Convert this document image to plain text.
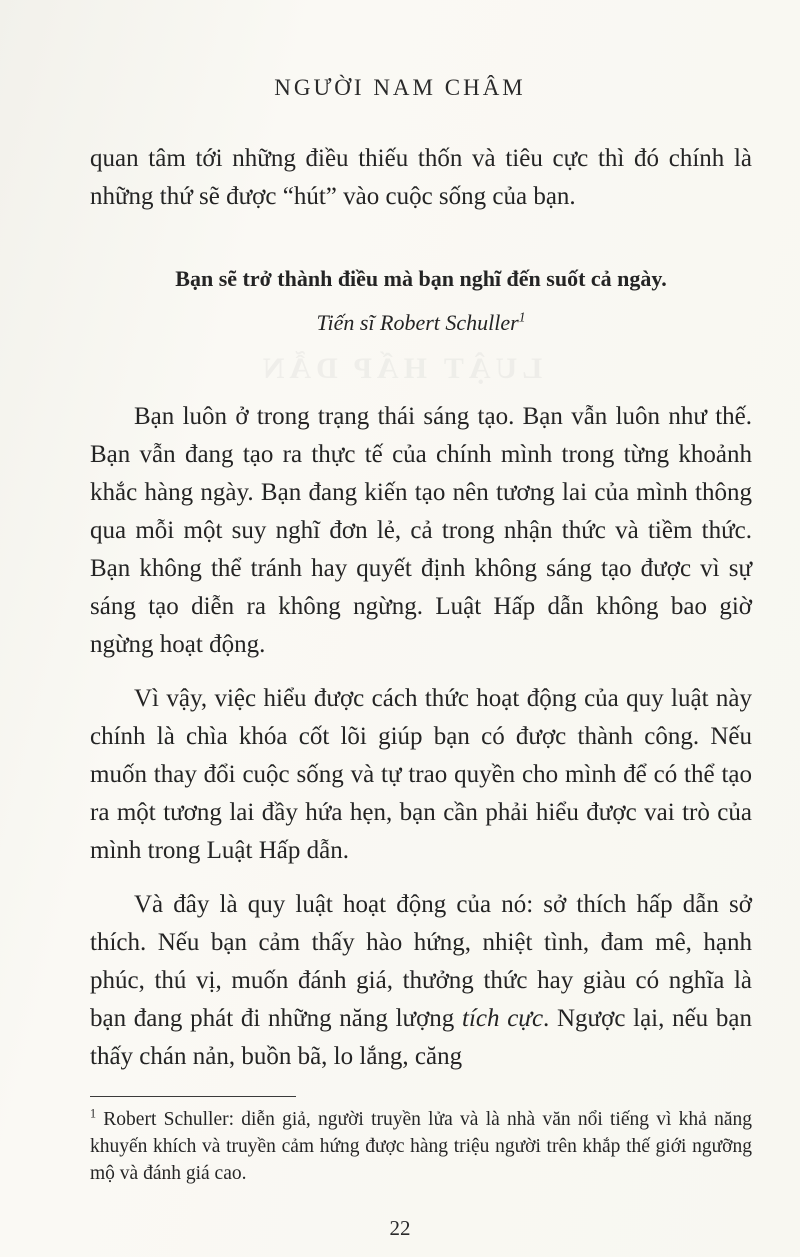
LUẬT HẤP DẪN
NGƯỜI NAM CHÂM

quan tâm tới những điều thiếu thốn và tiêu cực thì đó chính là những thứ sẽ được “hút” vào cuộc sống của bạn.

Bạn sẽ trở thành điều mà bạn nghĩ đến suốt cả ngày.

Tiến sĩ Robert Schuller$^1$

Bạn luôn ở trong trạng thái sáng tạo. Bạn vẫn luôn như thế. Bạn vẫn đang tạo ra thực tế của chính mình trong từng khoảnh khắc hàng ngày. Bạn đang kiến tạo nên tương lai của mình thông qua mỗi một suy nghĩ đơn lẻ, cả trong nhận thức và tiềm thức. Bạn không thể tránh hay quyết định không sáng tạo được vì sự sáng tạo diễn ra không ngừng. Luật Hấp dẫn không bao giờ ngừng hoạt động.

Vì vậy, việc hiểu được cách thức hoạt động của quy luật này chính là chìa khóa cốt lõi giúp bạn có được thành công. Nếu muốn thay đổi cuộc sống và tự trao quyền cho mình để có thể tạo ra một tương lai đầy hứa hẹn, bạn cần phải hiểu được vai trò của mình trong Luật Hấp dẫn.

Và đây là quy luật hoạt động của nó: sở thích hấp dẫn sở thích. Nếu bạn cảm thấy hào hứng, nhiệt tình, đam mê, hạnh phúc, thú vị, muốn đánh giá, thưởng thức hay giàu có nghĩa là bạn đang phát đi những năng lượng tích cực. Ngược lại, nếu bạn thấy chán nản, buồn bã, lo lắng, căng

$^1$ Robert Schuller: diễn giả, người truyền lửa và là nhà văn nổi tiếng vì khả năng khuyến khích và truyền cảm hứng được hàng triệu người trên khắp thế giới ngưỡng mộ và đánh giá cao.

22
